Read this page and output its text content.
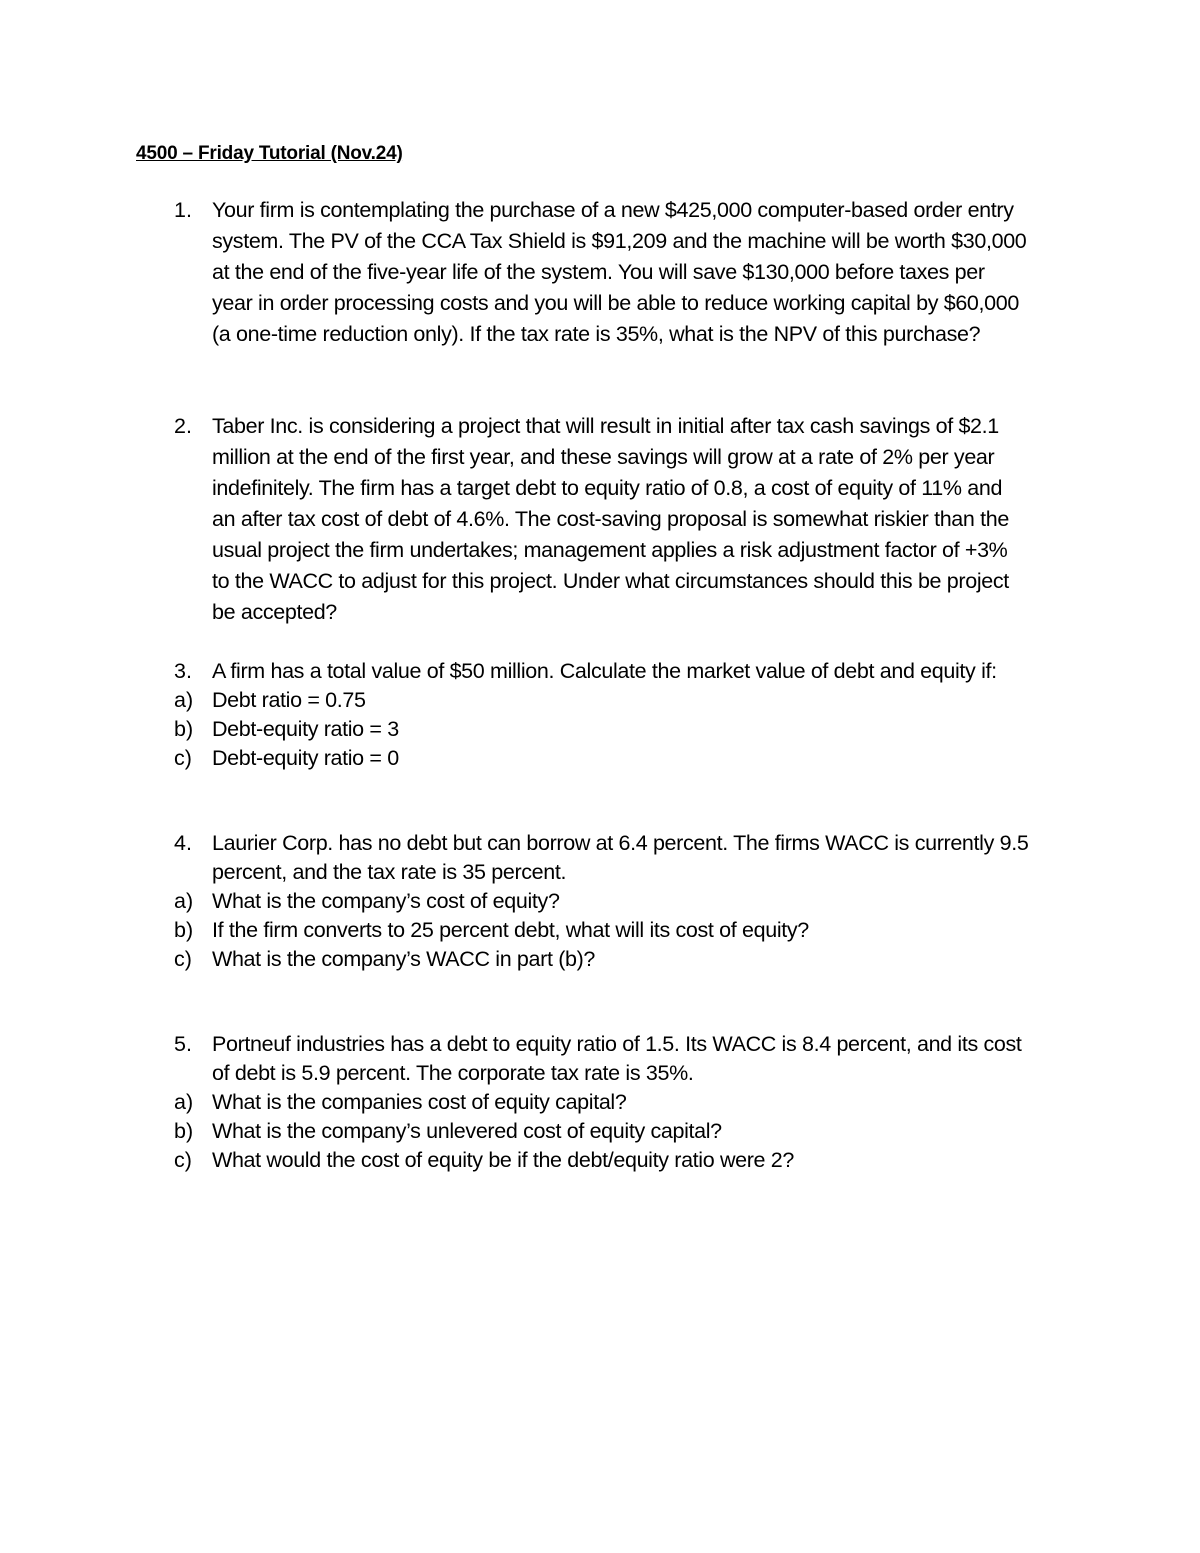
4500 – Friday Tutorial (Nov.24)
1. Your firm is contemplating the purchase of a new $425,000 computer-based order entry
system. The PV of the CCA Tax Shield is $91,209 and the machine will be worth $30,000
at the end of the five-year life of the system. You will save $130,000 before taxes per
year in order processing costs and you will be able to reduce working capital by $60,000
(a one-time reduction only). If the tax rate is 35%, what is the NPV of this purchase?
2. Taber Inc. is considering a project that will result in initial after tax cash savings of $2.1
million at the end of the first year, and these savings will grow at a rate of 2% per year
indefinitely. The firm has a target debt to equity ratio of 0.8, a cost of equity of 11% and
an after tax cost of debt of 4.6%. The cost-saving proposal is somewhat riskier than the
usual project the firm undertakes; management applies a risk adjustment factor of +3%
to the WACC to adjust for this project. Under what circumstances should this be project
be accepted?
3. A firm has a total value of $50 million. Calculate the market value of debt and equity if:
a) Debt ratio = 0.75
b) Debt-equity ratio = 3
c) Debt-equity ratio = 0
4. Laurier Corp. has no debt but can borrow at 6.4 percent. The firms WACC is currently 9.5
percent, and the tax rate is 35 percent.
a) What is the company’s cost of equity?
b) If the firm converts to 25 percent debt, what will its cost of equity?
c) What is the company’s WACC in part (b)?
5. Portneuf industries has a debt to equity ratio of 1.5. Its WACC is 8.4 percent, and its cost
of debt is 5.9 percent. The corporate tax rate is 35%.
a) What is the companies cost of equity capital?
b) What is the company’s unlevered cost of equity capital?
c) What would the cost of equity be if the debt/equity ratio were 2?
